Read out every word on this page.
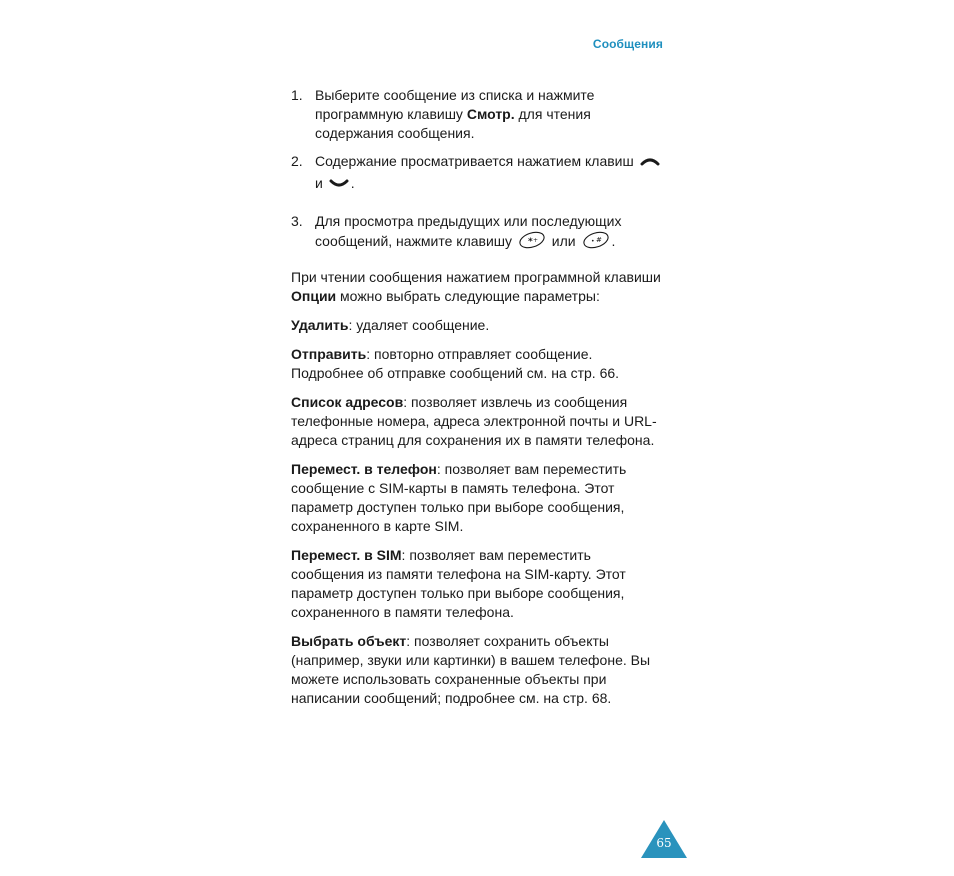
Сообщения
1. Выберите сообщение из списка и нажмите программную клавишу Смотр. для чтения содержания сообщения.
2. Содержание просматривается нажатием клавиш  и .
3. Для просмотра предыдущих или последующих сообщений, нажмите клавишу * + или • # .

При чтении сообщения нажатием программной клавиши Опции можно выбрать следующие параметры:

Удалить: удаляет сообщение.

Отправить: повторно отправляет сообщение. Подробнее об отправке сообщений см. на стр. 66.

Список адресов: позволяет извлечь из сообщения телефонные номера, адреса электронной почты и URL-адреса страниц для сохранения их в памяти телефона.

Перемест. в телефон: позволяет вам переместить сообщение с SIM-карты в память телефона. Этот параметр доступен только при выборе сообщения, сохраненного в карте SIM.

Перемест. в SIM: позволяет вам переместить сообщения из памяти телефона на SIM-карту. Этот параметр доступен только при выборе сообщения, сохраненного в памяти телефона.

Выбрать объект: позволяет сохранить объекты (например, звуки или картинки) в вашем телефоне. Вы можете использовать сохраненные объекты при написании сообщений; подробнее см. на стр. 68.

65
